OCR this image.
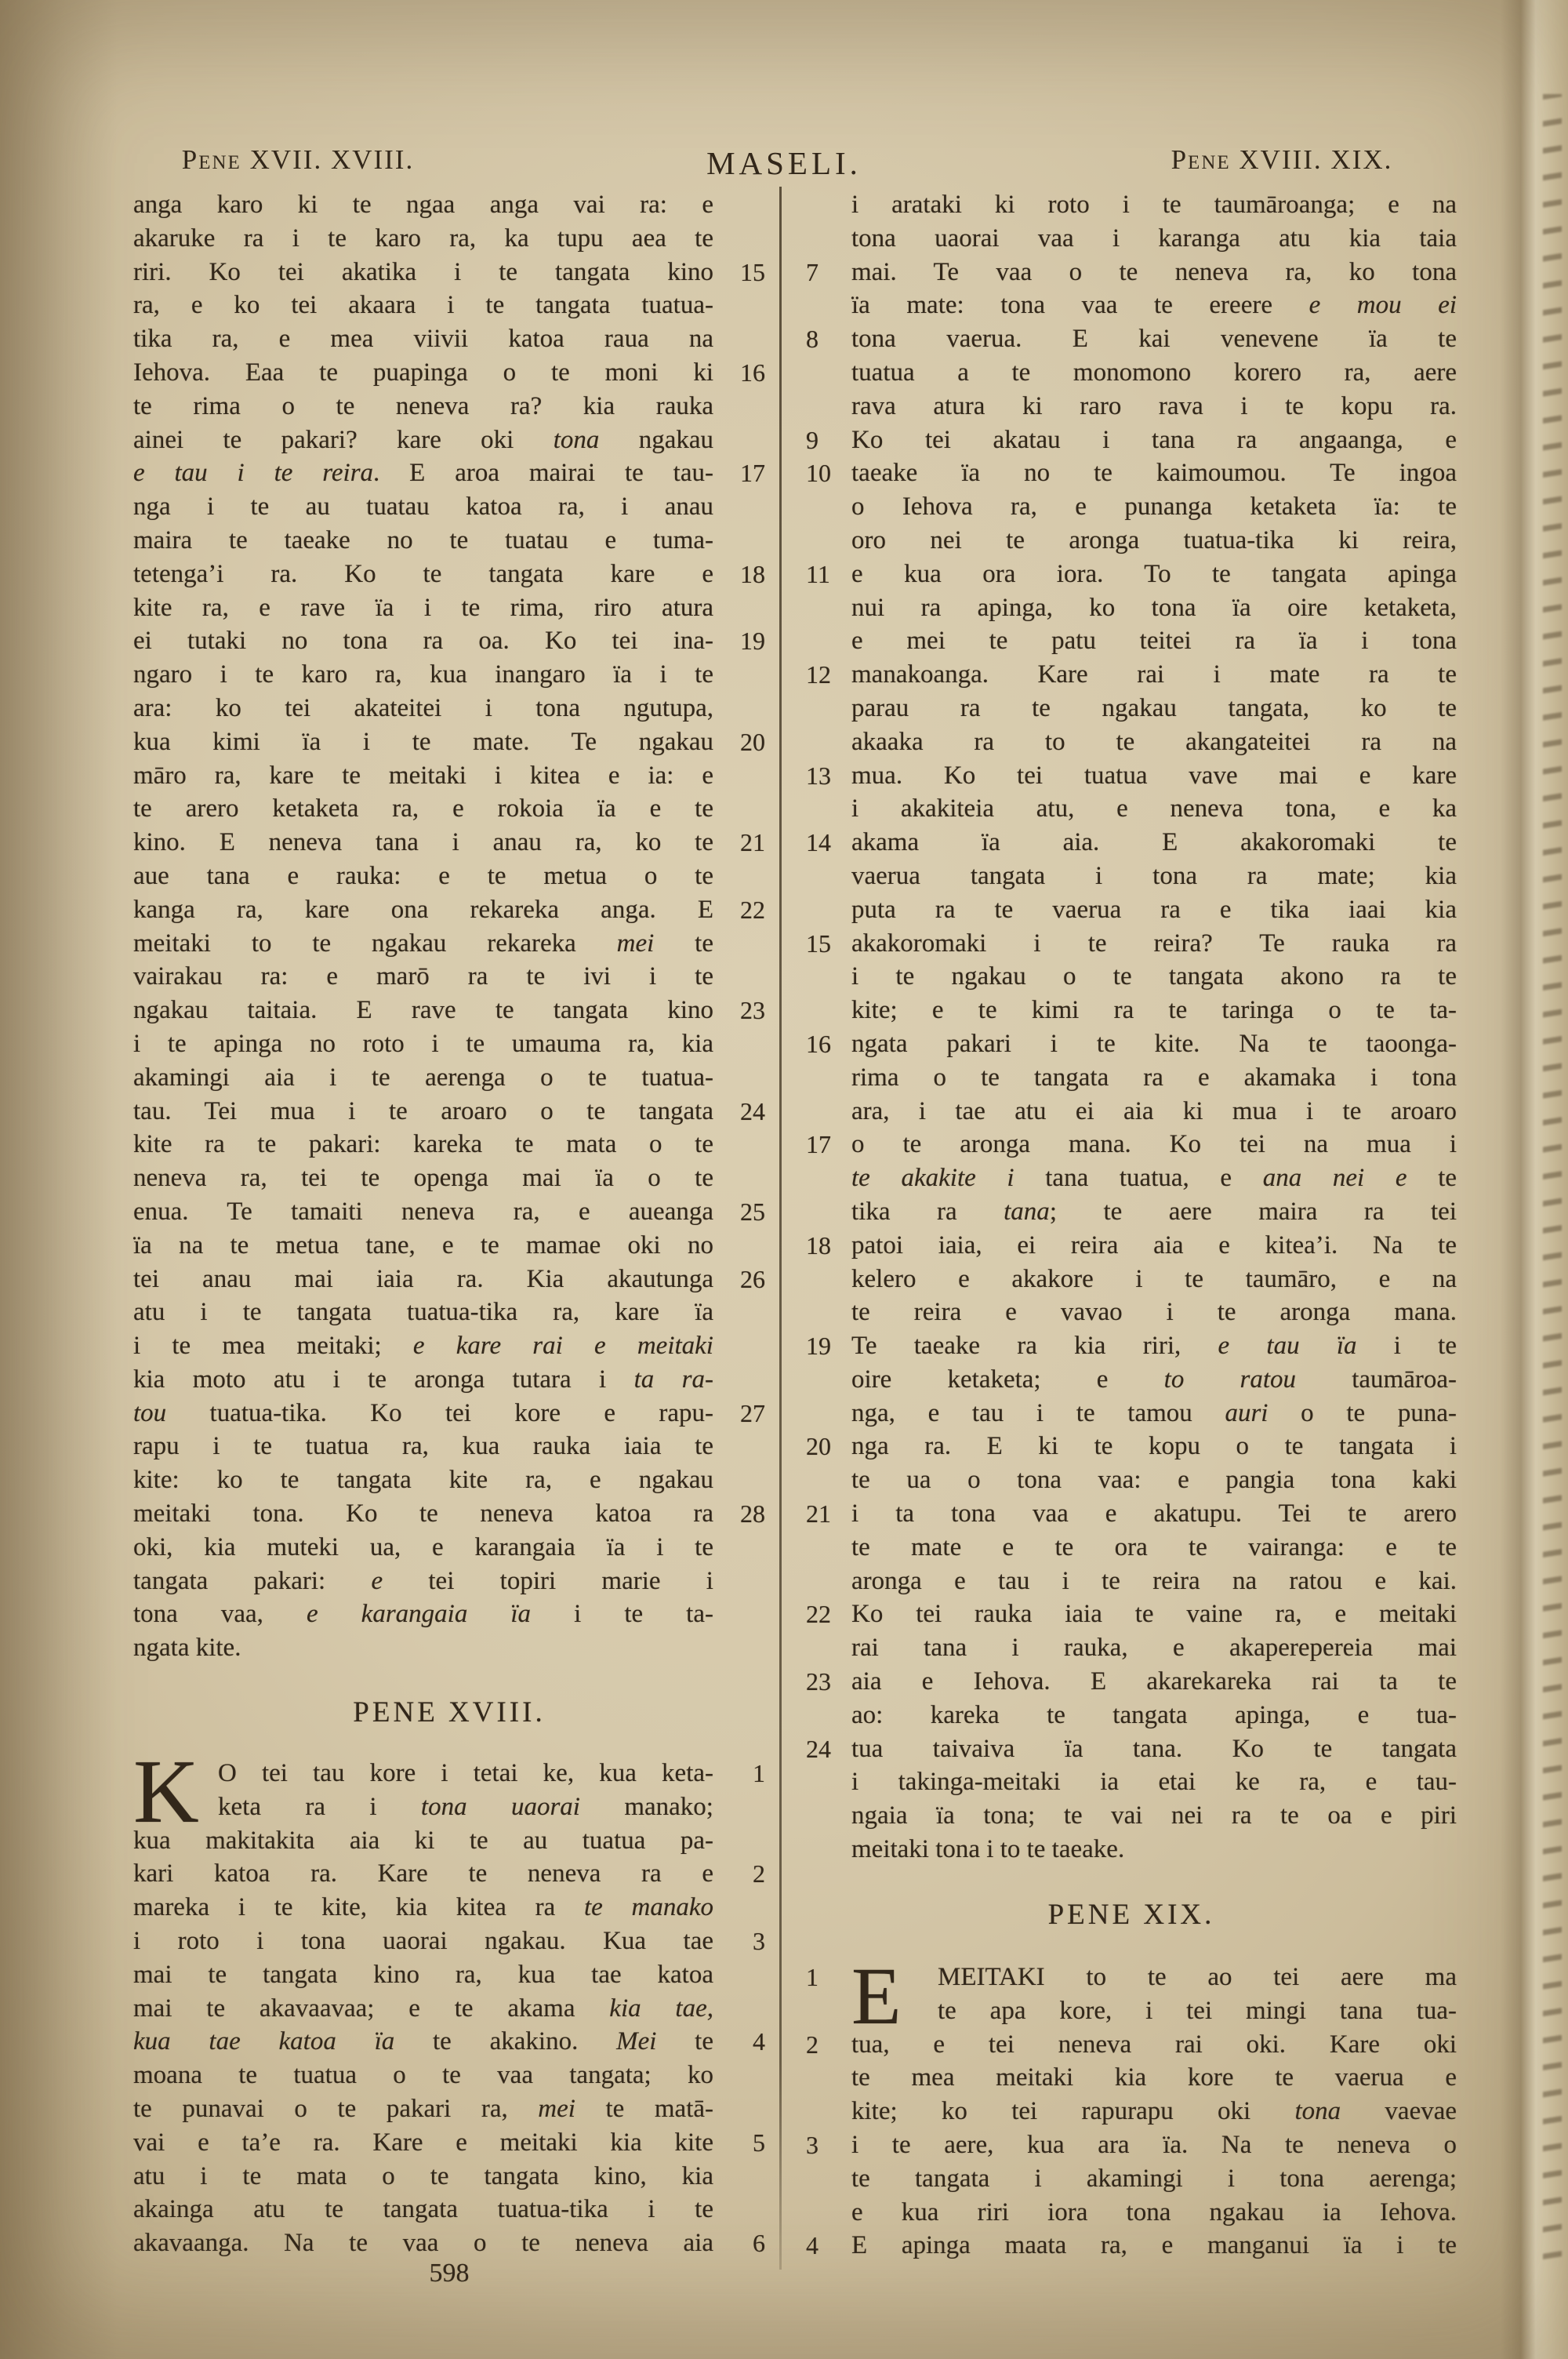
Pene XVII. XVIII.	MASELI.	Pene XVIII. XIX.
anga karo ki te ngaa anga vai ra: e
akaruke ra i te karo ra, ka tupu aea te
riri. Ko tei akatika i te tangata kino 15
ra, e ko tei akaara i te tangata tuatua-
tika ra, e mea viivii katoa raua na
Iehova. Eaa te puapinga o te moni ki 16
te rima o te neneva ra? kia rauka
ainei te pakari? kare oki tona ngakau
e tau i te reira. E aroa mairai te tau- 17
nga i te au tuatau katoa ra, i anau
maira te taeake no te tuatau e tuma-
tetenga’i ra. Ko te tangata kare e 18
kite ra, e rave ïa i te rima, riro atura
ei tutaki no tona ra oa. Ko tei ina- 19
ngaro i te karo ra, kua inangaro ïa i te
ara: ko tei akateitei i tona ngutupa,
kua kimi ïa i te mate. Te ngakau 20
māro ra, kare te meitaki i kitea e ia: e
te arero ketaketa ra, e rokoia ïa e te
kino. E neneva tana i anau ra, ko te 21
aue tana e rauka: e te metua o te
kanga ra, kare ona rekareka anga. E 22
meitaki to te ngakau rekareka mei te
vairakau ra: e marō ra te ivi i te
ngakau taitaia. E rave te tangata kino 23
i te apinga no roto i te umauma ra, kia
akamingi aia i te aerenga o te tuatua-
tau. Tei mua i te aroaro o te tangata 24
kite ra te pakari: kareka te mata o te
neneva ra, tei te openga mai ïa o te
enua. Te tamaiti neneva ra, e aueanga 25
ïa na te metua tane, e te mamae oki no
tei anau mai iaia ra. Kia akautunga 26
atu i te tangata tuatua-tika ra, kare ïa
i te mea meitaki; e kare rai e meitaki
kia moto atu i te aronga tutara i ta ra-
tou tuatua-tika. Ko tei kore e rapu- 27
rapu i te tuatua ra, kua rauka iaia te
kite: ko te tangata kite ra, e ngakau
meitaki tona. Ko te neneva katoa ra 28
oki, kia muteki ua, e karangaia ïa i te
tangata pakari: e tei topiri marie i
tona vaa, e karangaia ïa i te ta-
ngata kite.
PENE XVIII.
K O tei tau kore i tetai ke, kua keta- 1
keta ra i tona uaorai manako;
kua makitakita aia ki te au tuatua pa-
kari katoa ra. Kare te neneva ra e 2
mareka i te kite, kia kitea ra te manako
i roto i tona uaorai ngakau. Kua tae 3
mai te tangata kino ra, kua tae katoa
mai te akavaavaa; e te akama kia tae,
kua tae katoa ïa te akakino. Mei te 4
moana te tuatua o te vaa tangata; ko
te punavai o te pakari ra, mei te matā-
vai e ta’e ra. Kare e meitaki kia kite 5
atu i te mata o te tangata kino, kia
akainga atu te tangata tuatua-tika i te
akavaanga. Na te vaa o te neneva aia 6
598
i arataki ki roto i te taumāroanga; e na
tona uaorai vaa i karanga atu kia taia
mai. Te vaa o te neneva ra, ko tona
7
ïa mate: tona vaa te ereere e mou ei
tona vaerua. E kai venevene ïa te
8
tuatua a te monomono korero ra, aere
rava atura ki raro rava i te kopu ra.
Ko tei akatau i tana ra angaanga, e
9
taeake ïa no te kaimoumou. Te ingoa
10
o Iehova ra, e punanga ketaketa ïa: te
oro nei te aronga tuatua-tika ki reira,
e kua ora iora. To te tangata apinga
11
nui ra apinga, ko tona ïa oire ketaketa,
e mei te patu teitei ra ïa i tona
manakoanga. Kare rai i mate ra te
12
parau ra te ngakau tangata, ko te
akaaka ra to te akangateitei ra na
mua. Ko tei tuatua vave mai e kare
13
i akakiteia atu, e neneva tona, e ka
akama ïa aia. E akakoromaki te
14
vaerua tangata i tona ra mate; kia
puta ra te vaerua ra e tika iaai kia
akakoromaki i te reira? Te rauka ra
15
i te ngakau o te tangata akono ra te
kite; e te kimi ra te taringa o te ta-
ngata pakari i te kite. Na te taoonga-
16
rima o te tangata ra e akamaka i tona
ara, i tae atu ei aia ki mua i te aroaro
o te aronga mana. Ko tei na mua i
17
te akakite i tana tuatua, e ana nei e te
tika ra tana; te aere maira ra tei
patoi iaia, ei reira aia e kitea’i. Na te
18
kelero e akakore i te taumāro, e na
te reira e vavao i te aronga mana.
Te taeake ra kia riri, e tau ïa i te
19
oire ketaketa; e to ratou taumāroa-
nga, e tau i te tamou auri o te puna-
nga ra. E ki te kopu o te tangata i
20
te ua o tona vaa: e pangia tona kaki
i ta tona vaa e akatupu. Tei te arero
21
te mate e te ora te vairanga: e te
aronga e tau i te reira na ratou e kai.
Ko tei rauka iaia te vaine ra, e meitaki
22
rai tana i rauka, e akaperepereia mai
aia e Iehova. E akarekareka rai ta te
23
ao: kareka te tangata apinga, e tua-
tua taivaiva ïa tana. Ko te tangata
24
i takinga-meitaki ia etai ke ra, e tau-
ngaia ïa tona; te vai nei ra te oa e piri
meitaki tona i to te taeake.
PENE XIX.
E MEITAKI to te ao tei aere ma
1
te apa kore, i tei mingi tana tua-
tua, e tei neneva rai oki. Kare oki
2
te mea meitaki kia kore te vaerua e
kite; ko tei rapurapu oki tona vaevae
i te aere, kua ara ïa. Na te neneva o
3
te tangata i akamingi i tona aerenga;
e kua riri iora tona ngakau ia Iehova.
E apinga maata ra, e manganui ïa i te
4
